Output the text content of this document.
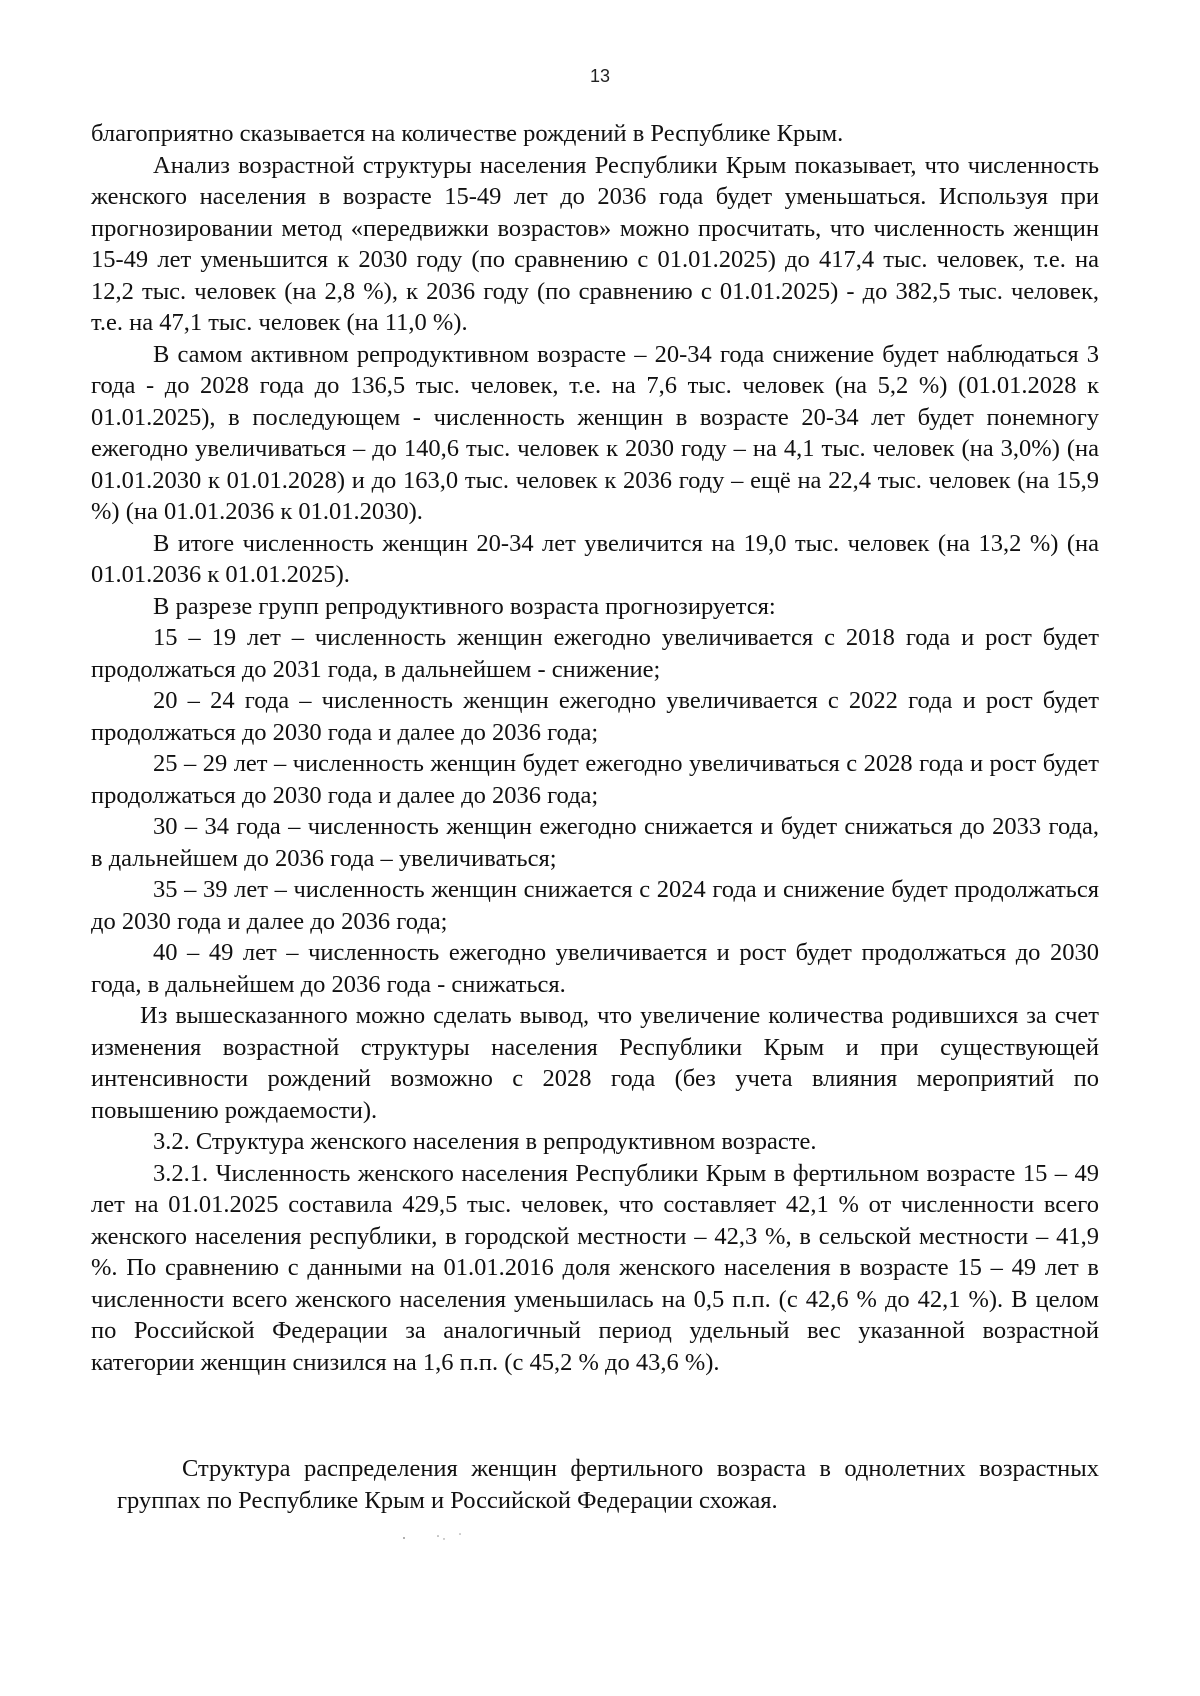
13

благоприятно сказывается на количестве рождений в Республике Крым.

Анализ возрастной структуры населения Республики Крым показывает, что численность женского населения в возрасте 15-49 лет до 2036 года будет уменьшаться. Используя при прогнозировании метод «передвижки возрастов» можно просчитать, что численность женщин 15-49 лет уменьшится к 2030 году (по сравнению с 01.01.2025) до 417,4 тыс. человек, т.е. на 12,2 тыс. человек (на 2,8 %), к 2036 году (по сравнению с 01.01.2025) - до 382,5 тыс. человек, т.е. на 47,1 тыс. человек (на 11,0 %).

В самом активном репродуктивном возрасте – 20-34 года снижение будет наблюдаться 3 года - до 2028 года до 136,5 тыс. человек, т.е. на 7,6 тыс. человек (на 5,2 %) (01.01.2028 к 01.01.2025), в последующем - численность женщин в возрасте 20-34 лет будет понемногу ежегодно увеличиваться – до 140,6 тыс. человек к 2030 году – на 4,1 тыс. человек (на 3,0%) (на 01.01.2030 к 01.01.2028) и до 163,0 тыс. человек к 2036 году – ещё на 22,4 тыс. человек (на 15,9 %) (на 01.01.2036 к 01.01.2030).

В итоге численность женщин 20-34 лет увеличится на 19,0 тыс. человек (на 13,2 %) (на 01.01.2036 к 01.01.2025).

В разрезе групп репродуктивного возраста прогнозируется:

15 – 19 лет – численность женщин ежегодно увеличивается с 2018 года и рост будет продолжаться до 2031 года, в дальнейшем - снижение;

20 – 24 года – численность женщин ежегодно увеличивается с 2022 года и рост будет продолжаться до 2030 года и далее до 2036 года;

25 – 29 лет – численность женщин будет ежегодно увеличиваться с 2028 года и рост будет продолжаться до 2030 года и далее до 2036 года;

30 – 34 года – численность женщин ежегодно снижается и будет снижаться до 2033 года, в дальнейшем до 2036 года – увеличиваться;

35 – 39 лет – численность женщин снижается с 2024 года и снижение будет продолжаться до 2030 года и далее до 2036 года;

40 – 49 лет – численность ежегодно увеличивается и рост будет продолжаться до 2030 года, в дальнейшем до 2036 года - снижаться.

Из вышесказанного можно сделать вывод, что увеличение количества родившихся за счет изменения возрастной структуры населения Республики Крым и при существующей интенсивности рождений возможно с 2028 года (без учета влияния мероприятий по повышению рождаемости).

3.2. Структура женского населения в репродуктивном возрасте.

3.2.1. Численность женского населения Республики Крым в фертильном возрасте 15 – 49 лет на 01.01.2025 составила 429,5 тыс. человек, что составляет 42,1 % от численности всего женского населения республики, в городской местности – 42,3 %, в сельской местности – 41,9 %. По сравнению с данными на 01.01.2016 доля женского населения в возрасте 15 – 49 лет в численности всего женского населения уменьшилась на 0,5 п.п. (с 42,6 % до 42,1 %). В целом по Российской Федерации за аналогичный период удельный вес указанной возрастной категории женщин снизился на 1,6 п.п. (с 45,2 % до 43,6 %).

Структура распределения женщин фертильного возраста в однолетних возрастных группах по Республике Крым и Российской Федерации схожая.
